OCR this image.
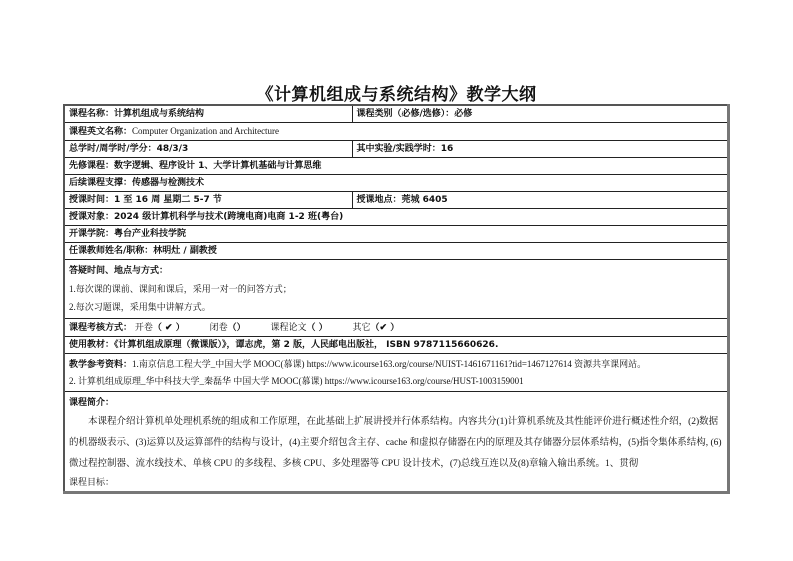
《计算机组成与系统结构》教学大纲
课程名称：计算机组成与系统结构	课程类别（必修/选修）：必修
课程英文名称：Computer Organization and Architecture	
总学时/周学时/学分：48/3/3	其中实验/实践学时：16
先修课程：数字逻辑、程序设计 1、大学计算机基础与计算思维	
后续课程支撑：传感器与检测技术	
授课时间：1 至 16 周 星期二 5-7 节	授课地点：莞城 6405
授课对象：2024 级计算机科学与技术(跨境电商)电商 1-2 班(粤台)	
开课学院：粤台产业科技学院	
任课教师姓名/职称：林明灶 / 副教授	

答疑时间、地点与方式：
1.每次课的课前、课间和课后，采用一对一的问答方式；
2.每次习题课，采用集中讲解方式。	

课程考核方式： 开卷（ ✔ ） 闭卷（） 课程论文（ ） 其它（✔ ）	
使用教材：《计算机组成原理（微课版）》，谭志虎，第 2 版，人民邮电出版社， ISBN 9787115660626.	

教学参考资料：1.南京信息工程大学_中国大学 MOOC(慕课) https://www.icourse163.org/course/NUIST-1461671161?tid=1467127614 资源共享课网站。
2. 计算机组成原理_华中科技大学_秦磊华 中国大学 MOOC(慕课) https://www.icourse163.org/course/HUST-1003159001	

课程简介：
本课程介绍计算机单处理机系统的组成和工作原理，在此基础上扩展讲授并行体系结构。内容共分(1)计算机系统及其性能评价进行概述性介绍，(2)数据的机器级表示、(3)运算以及运算部件的结构与设计，(4)主要介绍包含主存、cache 和虚拟存储器在内的原理及其存储器分层体系结构，(5)指令集体系结构, (6) 微过程控制器、流水线技术、单核 CPU 的多线程、多核 CPU、多处理器等 CPU 设计技术，(7)总线互连以及(8)章输入输出系统。1、贯彻
课程目标：	
